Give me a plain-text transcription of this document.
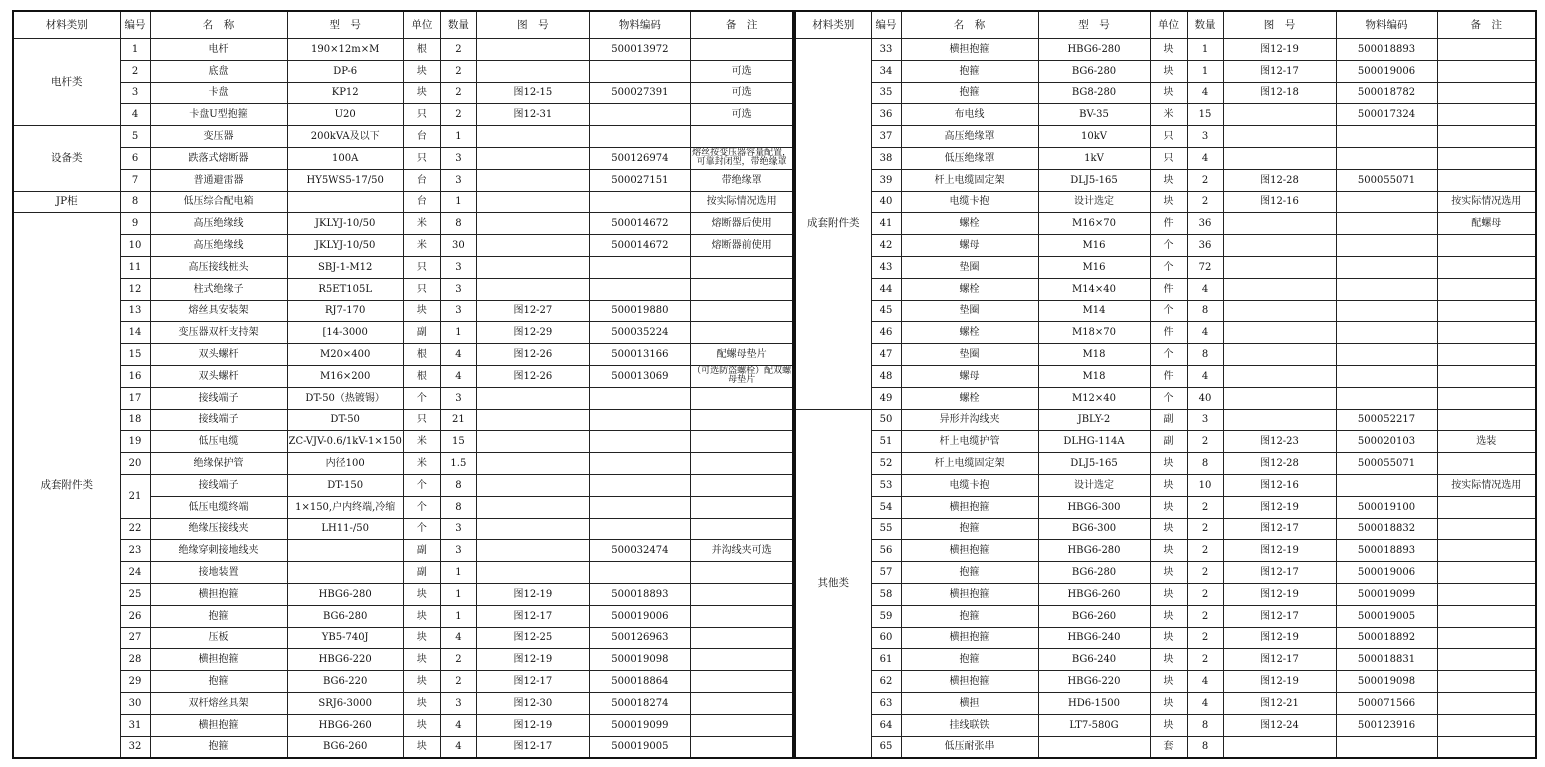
材料类别	编号	名　称	型　号	单位	数量	图　号	物料编码	备　注
电杆类	1	电杆	190×12m×M	根	2		500013972	
	2	底盘	DP-6	块	2			可选
	3	卡盘	KP12	块	2	图12-15	500027391	可选
	4	卡盘U型抱箍	U20	只	2	图12-31		可选
设备类	5	变压器	200kVA及以下	台	1			
	6	跌落式熔断器	100A	只	3		500126974	熔丝按变压器容量配置，可靠封闭型，带绝缘罩
	7	普通避雷器	HY5WS5-17/50	台	3		500027151	带绝缘罩
JP柜	8	低压综合配电箱		台	1			按实际情况选用
成套附件类	9	高压绝缘线	JKLYJ-10/50	米	8		500014672	熔断器后使用
	10	高压绝缘线	JKLYJ-10/50	米	30		500014672	熔断器前使用
	11	高压接线桩头	SBJ-1-M12	只	3			
	12	柱式绝缘子	R5ET105L	只	3			
	13	熔丝具安装架	RJ7-170	块	3	图12-27	500019880	
	14	变压器双杆支持架	[14-3000	副	1	图12-29	500035224	
	15	双头螺杆	M20×400	根	4	图12-26	500013166	配螺母垫片
	16	双头螺杆	M16×200	根	4	图12-26	500013069	（可选防盗螺栓）配双螺母垫片
	17	接线端子	DT-50（热镀锡）	个	3			
	18	接线端子	DT-50	只	21			
	19	低压电缆	ZC-VJV-0.6/1kV-1×150	米	15			
	20	绝缘保护管	内径100	米	1.5			
	21	接线端子	DT-150	个	8			
		低压电缆终端	1×150,户内终端,冷缩	个	8			
	22	绝缘压接线夹	LH11-/50	个	3			
	23	绝缘穿刺接地线夹		副	3		500032474	并沟线夹可选
	24	接地装置		副	1			
	25	横担抱箍	HBG6-280	块	1	图12-19	500018893	
	26	抱箍	BG6-280	块	1	图12-17	500019006	
	27	压板	YB5-740J	块	4	图12-25	500126963	
	28	横担抱箍	HBG6-220	块	2	图12-19	500019098	
	29	抱箍	BG6-220	块	2	图12-17	500018864	
	30	双杆熔丝具架	SRJ6-3000	块	3	图12-30	500018274	
	31	横担抱箍	HBG6-260	块	4	图12-19	500019099	
	32	抱箍	BG6-260	块	4	图12-17	500019005	
材料类别	编号	名　称	型　号	单位	数量	图　号	物料编码	备　注
成套附件类	33	横担抱箍	HBG6-280	块	1	图12-19	500018893	
	34	抱箍	BG6-280	块	1	图12-17	500019006	
	35	抱箍	BG8-280	块	4	图12-18	500018782	
	36	布电线	BV-35	米	15		500017324	
	37	高压绝缘罩	10kV	只	3			
	38	低压绝缘罩	1kV	只	4			
	39	杆上电缆固定架	DLJ5-165	块	2	图12-28	500055071	
	40	电缆卡抱	设计选定	块	2	图12-16		按实际情况选用
	41	螺栓	M16×70	件	36			配螺母
	42	螺母	M16	个	36			
	43	垫圈	M16	个	72			
	44	螺栓	M14×40	件	4			
	45	垫圈	M14	个	8			
	46	螺栓	M18×70	件	4			
	47	垫圈	M18	个	8			
	48	螺母	M18	件	4			
	49	螺栓	M12×40	个	40			
其他类	50	异形并沟线夹	JBLY-2	副	3		500052217	
	51	杆上电缆护管	DLHG-114A	副	2	图12-23	500020103	选装
	52	杆上电缆固定架	DLJ5-165	块	8	图12-28	500055071	
	53	电缆卡抱	设计选定	块	10	图12-16		按实际情况选用
	54	横担抱箍	HBG6-300	块	2	图12-19	500019100	
	55	抱箍	BG6-300	块	2	图12-17	500018832	
	56	横担抱箍	HBG6-280	块	2	图12-19	500018893	
	57	抱箍	BG6-280	块	2	图12-17	500019006	
	58	横担抱箍	HBG6-260	块	2	图12-19	500019099	
	59	抱箍	BG6-260	块	2	图12-17	500019005	
	60	横担抱箍	HBG6-240	块	2	图12-19	500018892	
	61	抱箍	BG6-240	块	2	图12-17	500018831	
	62	横担抱箍	HBG6-220	块	4	图12-19	500019098	
	63	横担	HD6-1500	块	4	图12-21	500071566	
	64	挂线联铁	LT7-580G	块	8	图12-24	500123916	
	65	低压耐张串		套	8			
